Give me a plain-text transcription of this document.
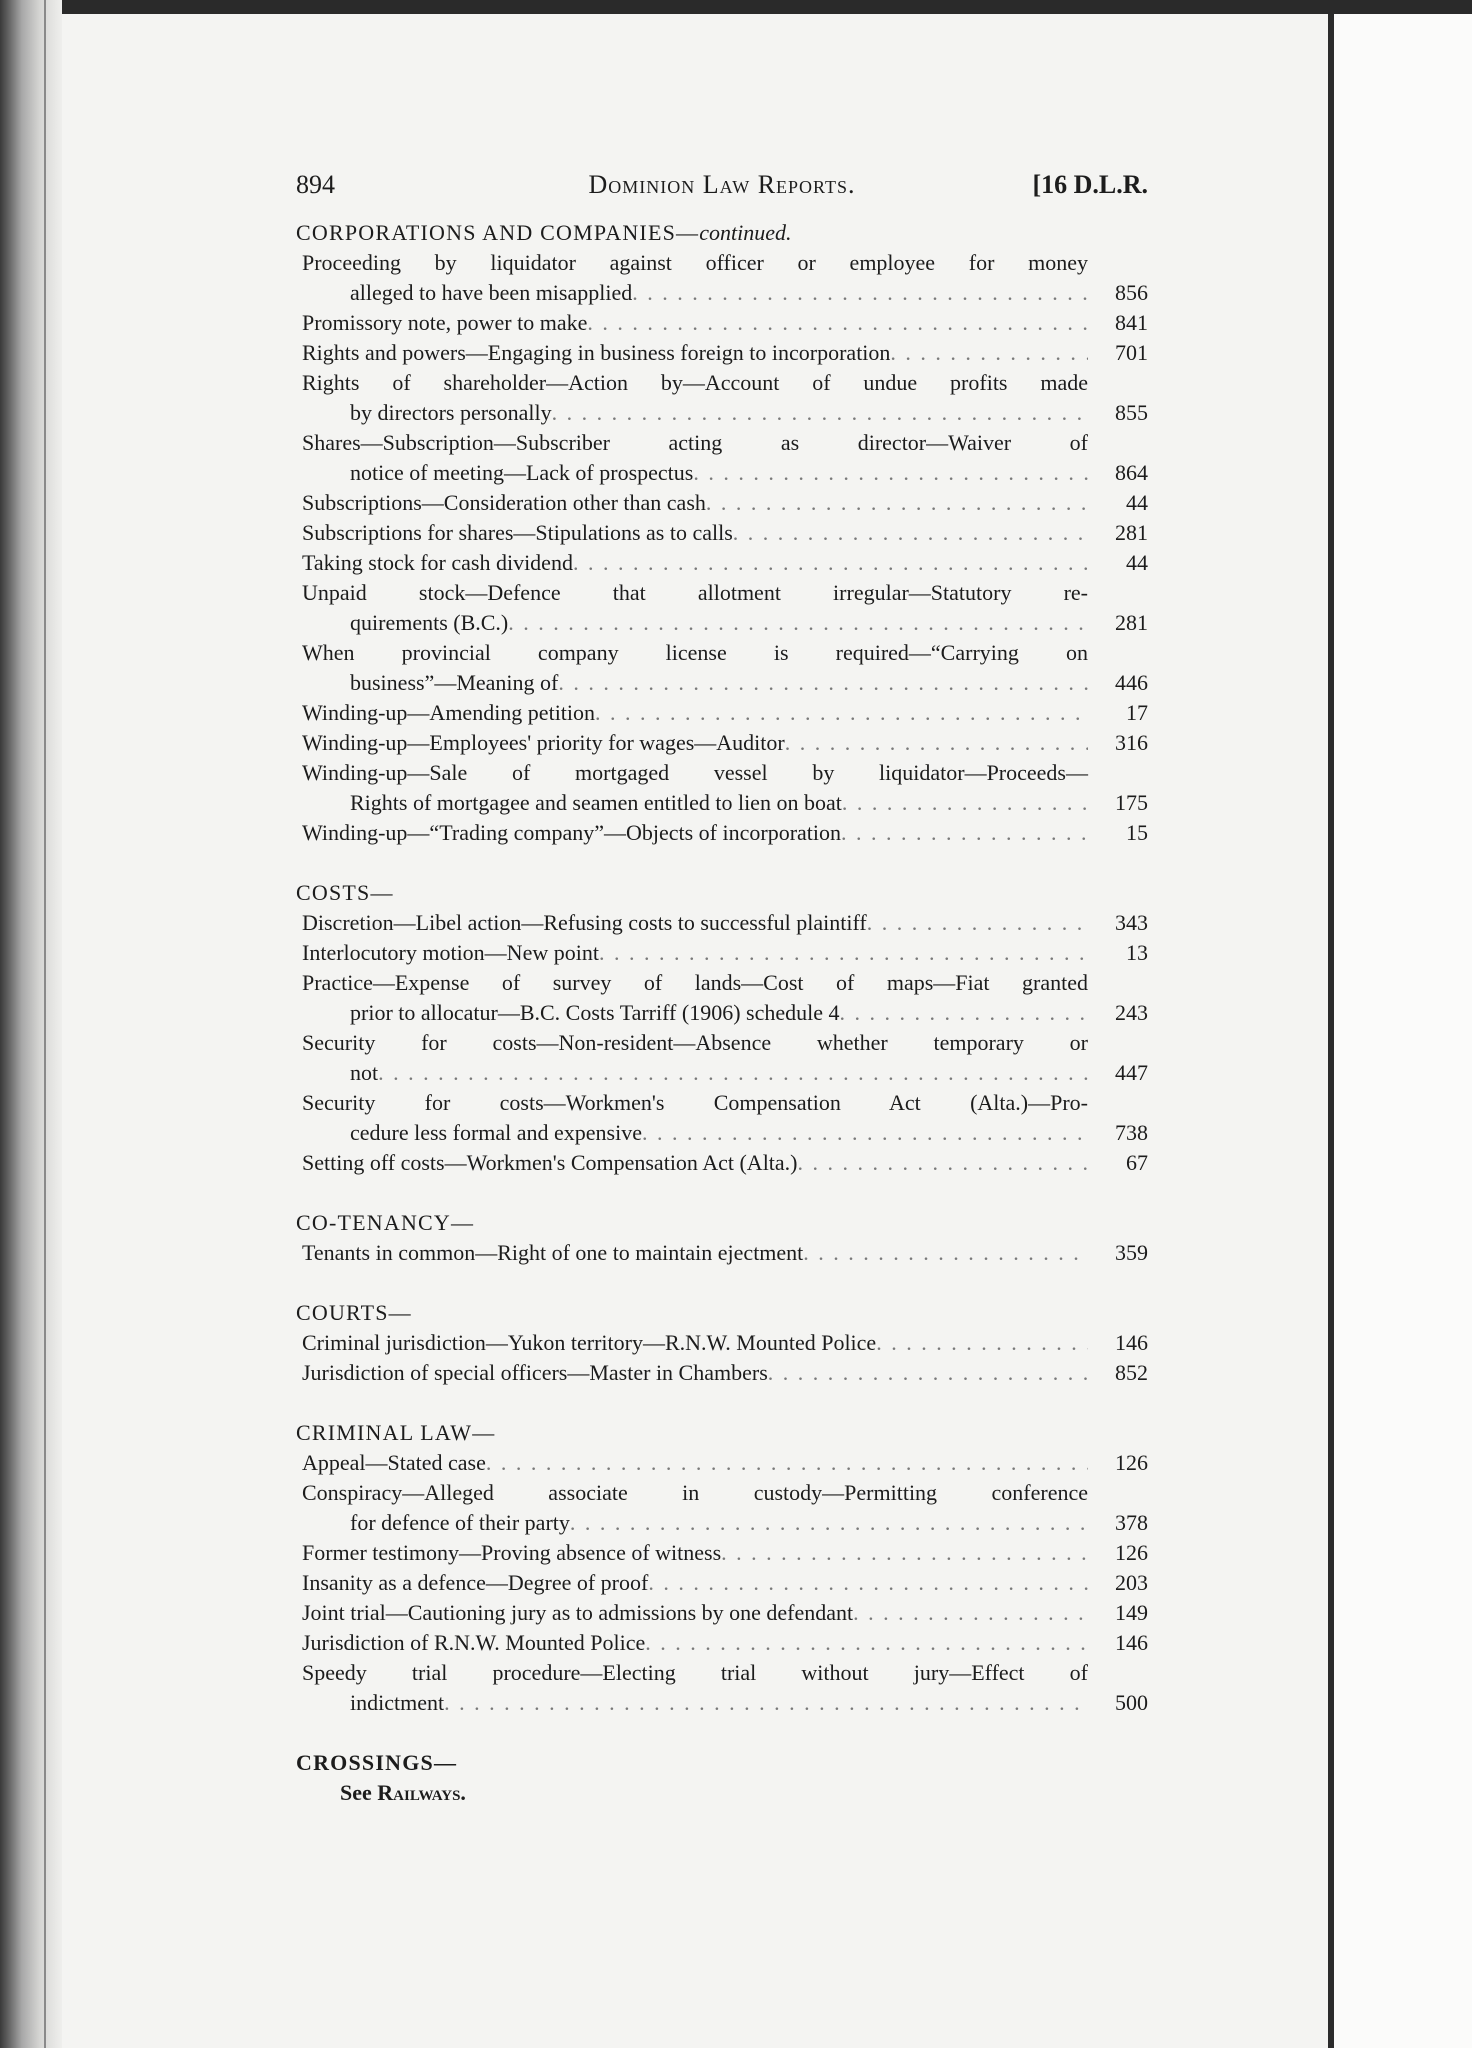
894	Dominion Law Reports.	[16 D.L.R.
CORPORATIONS AND COMPANIES—continued.
Proceeding by liquidator against officer or employee for money
alleged to have been misapplied . . .	856
Promissory note, power to make . . .	841
Rights and powers—Engaging in business foreign to incorporation . . .	701
Rights of shareholder—Action by—Account of undue profits made
by directors personally . . .	855
Shares—Subscription—Subscriber acting as director—Waiver of
notice of meeting—Lack of prospectus . . .	864
Subscriptions—Consideration other than cash . . .	44
Subscriptions for shares—Stipulations as to calls . . .	281
Taking stock for cash dividend . . .	44
Unpaid stock—Defence that allotment irregular—Statutory re-
quirements (B.C.) . . .	281
When provincial company license is required—“Carrying on
business”—Meaning of . . .	446
Winding-up—Amending petition . . .	17
Winding-up—Employees' priority for wages—Auditor . . .	316
Winding-up—Sale of mortgaged vessel by liquidator—Proceeds—
Rights of mortgagee and seamen entitled to lien on boat . . .	175
Winding-up—“Trading company”—Objects of incorporation . . .	15
COSTS—
Discretion—Libel action—Refusing costs to successful plaintiff . . .	343
Interlocutory motion—New point . . .	13
Practice—Expense of survey of lands—Cost of maps—Fiat granted
prior to allocatur—B.C. Costs Tarriff (1906) schedule 4 . . .	243
Security for costs—Non-resident—Absence whether temporary or
not . . .	447
Security for costs—Workmen's Compensation Act (Alta.)—Pro-
cedure less formal and expensive . . .	738
Setting off costs—Workmen's Compensation Act (Alta.) . . .	67
CO-TENANCY—
Tenants in common—Right of one to maintain ejectment . . .	359
COURTS—
Criminal jurisdiction—Yukon territory—R.N.W. Mounted Police . . .	146
Jurisdiction of special officers—Master in Chambers . . .	852
CRIMINAL LAW—
Appeal—Stated case . . .	126
Conspiracy—Alleged associate in custody—Permitting conference
for defence of their party . . .	378
Former testimony—Proving absence of witness . . .	126
Insanity as a defence—Degree of proof . . .	203
Joint trial—Cautioning jury as to admissions by one defendant . . .	149
Jurisdiction of R.N.W. Mounted Police . . .	146
Speedy trial procedure—Electing trial without jury—Effect of
indictment . . .	500
CROSSINGS—
See Railways.
